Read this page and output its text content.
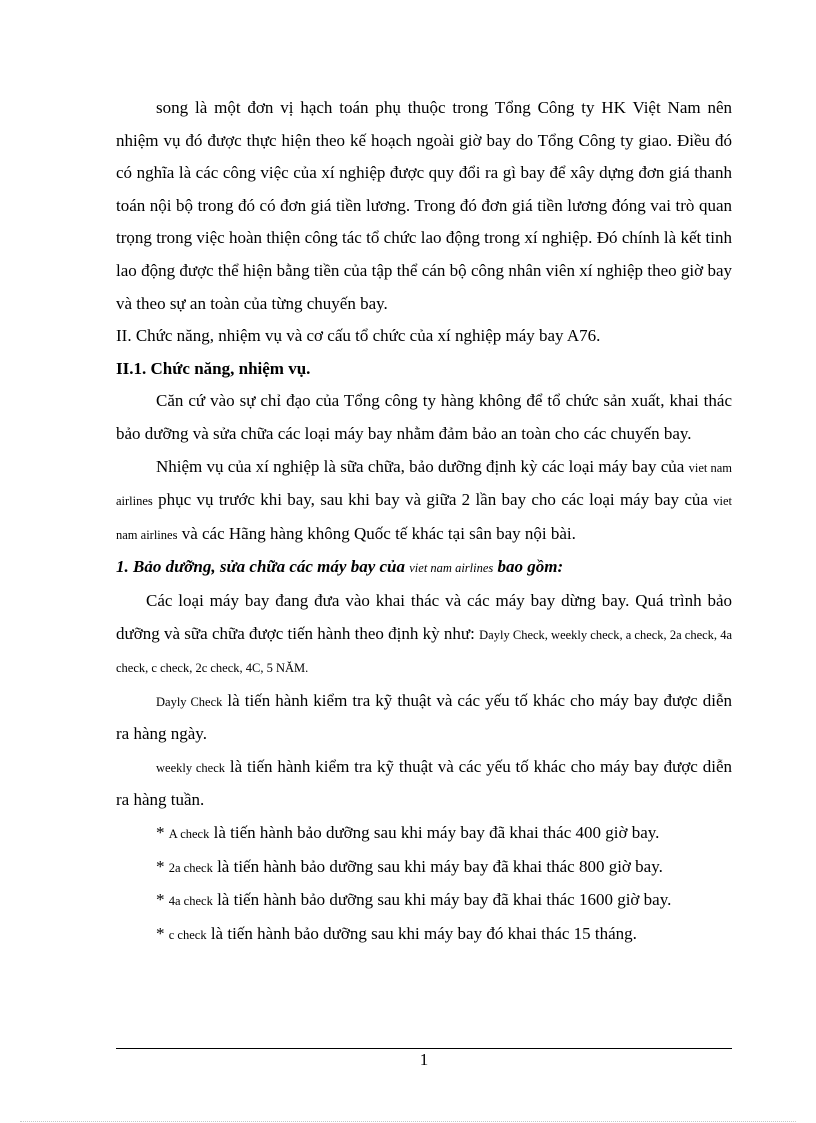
song là một đơn vị hạch toán phụ thuộc trong Tổng Công ty HK Việt Nam nên nhiệm vụ đó được thực hiện theo kế hoạch ngoài giờ bay do Tổng Công ty giao. Điều đó có nghĩa là các công việc của xí nghiệp được quy đổi ra gì bay để xây dựng đơn giá thanh toán nội bộ trong đó có đơn giá tiền lương. Trong đó đơn giá tiền lương đóng vai trò quan trọng trong việc hoàn thiện công tác tổ chức lao động trong xí nghiệp. Đó chính là kết tinh lao động được thể hiện bằng tiền của tập thể cán bộ công nhân viên xí nghiệp theo giờ bay và theo sự an toàn của từng chuyến bay.

II. Chức năng, nhiệm vụ và cơ cấu tổ chức của xí nghiệp máy bay A76.

II.1. Chức năng, nhiệm vụ.

Căn cứ vào sự chỉ đạo của Tổng công ty hàng không để tổ chức sản xuất, khai thác bảo dưỡng và sửa chữa các loại máy bay nhằm đảm bảo an toàn cho các chuyến bay.

Nhiệm vụ của xí nghiệp là sữa chữa, bảo dưỡng định kỳ các loại máy bay của viet nam airlines phục vụ trước khi bay, sau khi bay và giữa 2 lần bay cho các loại máy bay của viet nam airlines và các Hãng hàng không Quốc tế khác tại sân bay nội bài.

1. Bảo dưỡng, sửa chữa các máy bay của viet nam airlines bao gồm:

Các loại máy bay đang đưa vào khai thác và các máy bay dừng bay. Quá trình bảo dưỡng và sữa chữa được tiến hành theo định kỳ như: Dayly Check, weekly check, a check, 2a check, 4a check, c check, 2c check, 4C, 5 NĂM.

Dayly Check là tiến hành kiểm tra kỹ thuật và các yếu tố khác cho máy bay được diễn ra hàng ngày.

weekly check là tiến hành kiểm tra kỹ thuật và các yếu tố khác cho máy bay được diễn ra hàng tuần.

* A check là tiến hành bảo dưỡng sau khi máy bay đã khai thác 400 giờ bay.

* 2a check là tiến hành bảo dưỡng sau khi máy bay đã khai thác 800 giờ bay.

* 4a check là tiến hành bảo dưỡng sau khi máy bay đã khai thác 1600 giờ bay.

* c check là tiến hành bảo dưỡng sau khi máy bay đó khai thác 15 tháng.

1
